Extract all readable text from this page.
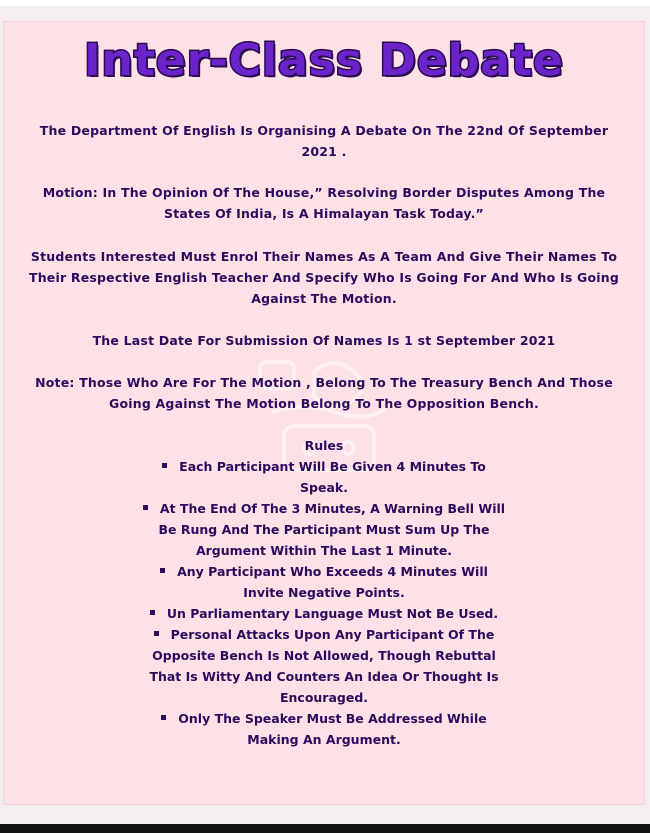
Inter-Class Debate
The Department Of English Is Organising A Debate On The 22nd Of September 2021 .
Motion: In The Opinion Of The House,” Resolving Border Disputes Among The States Of India, Is A Himalayan Task Today.”
Students Interested Must Enrol Their Names As A Team And Give Their Names To Their Respective English Teacher And Specify Who Is Going For And Who Is Going Against The Motion.
The Last Date For Submission Of Names Is 1 st September 2021
Note: Those Who Are For The Motion , Belong To The Treasury Bench And Those Going Against The Motion Belong To The Opposition Bench.
Rules
Each Participant Will Be Given 4 Minutes To Speak.
At The End Of The 3 Minutes, A Warning Bell Will Be Rung And The Participant Must Sum Up The Argument Within The Last 1 Minute.
Any Participant Who Exceeds 4 Minutes Will Invite Negative Points.
Un Parliamentary Language Must Not Be Used.
Personal Attacks Upon Any Participant Of The Opposite Bench Is Not Allowed, Though Rebuttal That Is Witty And Counters An Idea Or Thought Is Encouraged.
Only The Speaker Must Be Addressed While Making An Argument.
